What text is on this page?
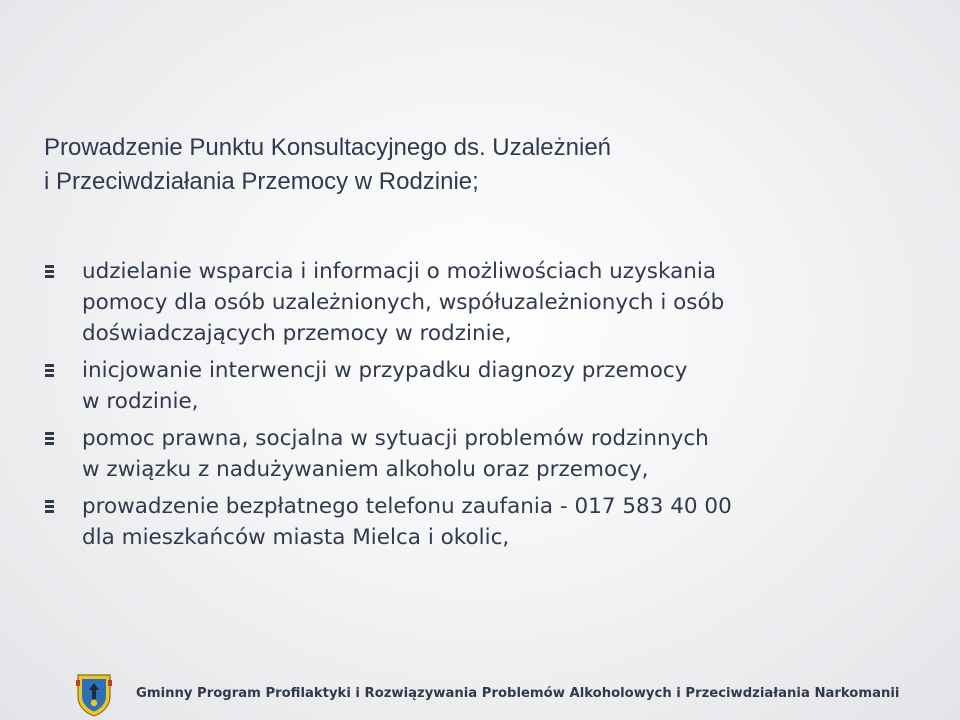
Prowadzenie Punktu Konsultacyjnego ds. Uzależnień
i Przeciwdziałania Przemocy w Rodzinie;
udzielanie wsparcia i informacji o możliwościach uzyskania
pomocy dla osób uzależnionych, współuzależnionych i osób
doświadczających przemocy w rodzinie,
inicjowanie interwencji w przypadku diagnozy przemocy
w rodzinie,
pomoc prawna, socjalna w sytuacji problemów rodzinnych
w związku z nadużywaniem alkoholu oraz przemocy,
prowadzenie bezpłatnego telefonu zaufania - 017 583 40 00
dla mieszkańców miasta Mielca i okolic,
Gminny Program Profilaktyki i Rozwiązywania Problemów Alkoholowych i Przeciwdziałania Narkomanii
